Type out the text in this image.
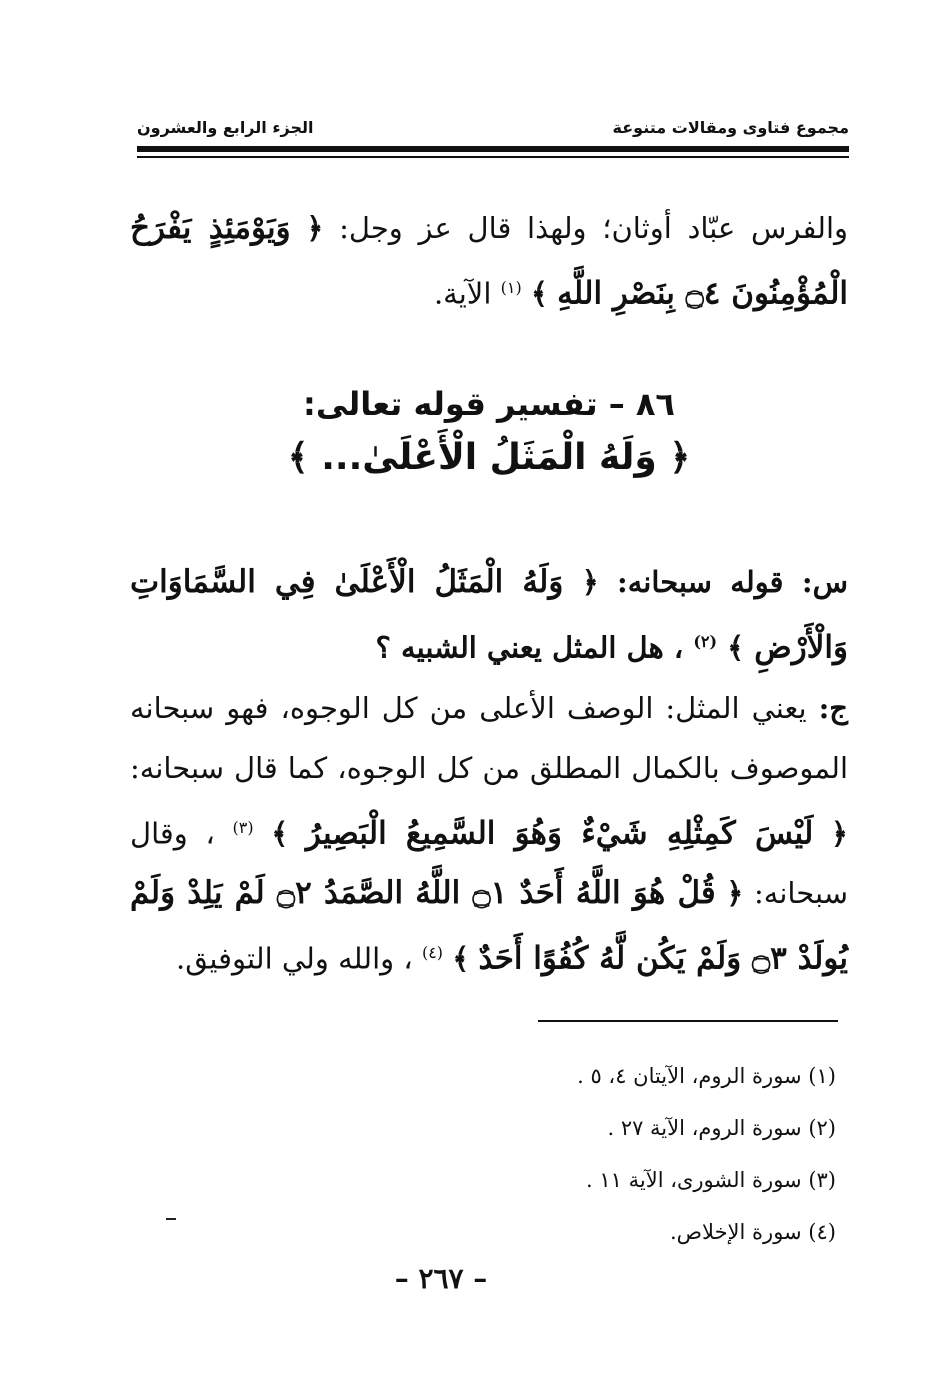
مجموع فتاوى ومقالات متنوعة
الجزء الرابع والعشرون

والفرس عبّاد أوثان؛ ولهذا قال عز وجل: ﴿ وَيَوْمَئِذٍ يَفْرَحُ الْمُؤْمِنُونَ ۝٤ بِنَصْرِ اللَّهِ ﴾ $^{(١)}$ الآية.

٨٦ – تفسير قوله تعالى:
﴿ وَلَهُ الْمَثَلُ الْأَعْلَىٰ... ﴾

س: قوله سبحانه: ﴿ وَلَهُ الْمَثَلُ الْأَعْلَىٰ فِي السَّمَاوَاتِ وَالْأَرْضِ ﴾ $^{(٢)}$ ، هل المثل يعني الشبيه ؟

ج: يعني المثل: الوصف الأعلى من كل الوجوه، فهو سبحانه الموصوف بالكمال المطلق من كل الوجوه، كما قال سبحانه: ﴿ لَيْسَ كَمِثْلِهِ شَيْءٌ وَهُوَ السَّمِيعُ الْبَصِيرُ ﴾ $^{(٣)}$ ، وقال سبحانه: ﴿ قُلْ هُوَ اللَّهُ أَحَدٌ ۝١ اللَّهُ الصَّمَدُ ۝٢ لَمْ يَلِدْ وَلَمْ يُولَدْ ۝٣ وَلَمْ يَكُن لَّهُ كُفُوًا أَحَدٌ ﴾ $^{(٤)}$ ، والله ولي التوفيق.

(١) سورة الروم، الآيتان ٤، ٥ .

(٢) سورة الروم، الآية ٢٧ .

(٣) سورة الشورى، الآية ١١ .

(٤) سورة الإخلاص.

– ٢٦٧ –
